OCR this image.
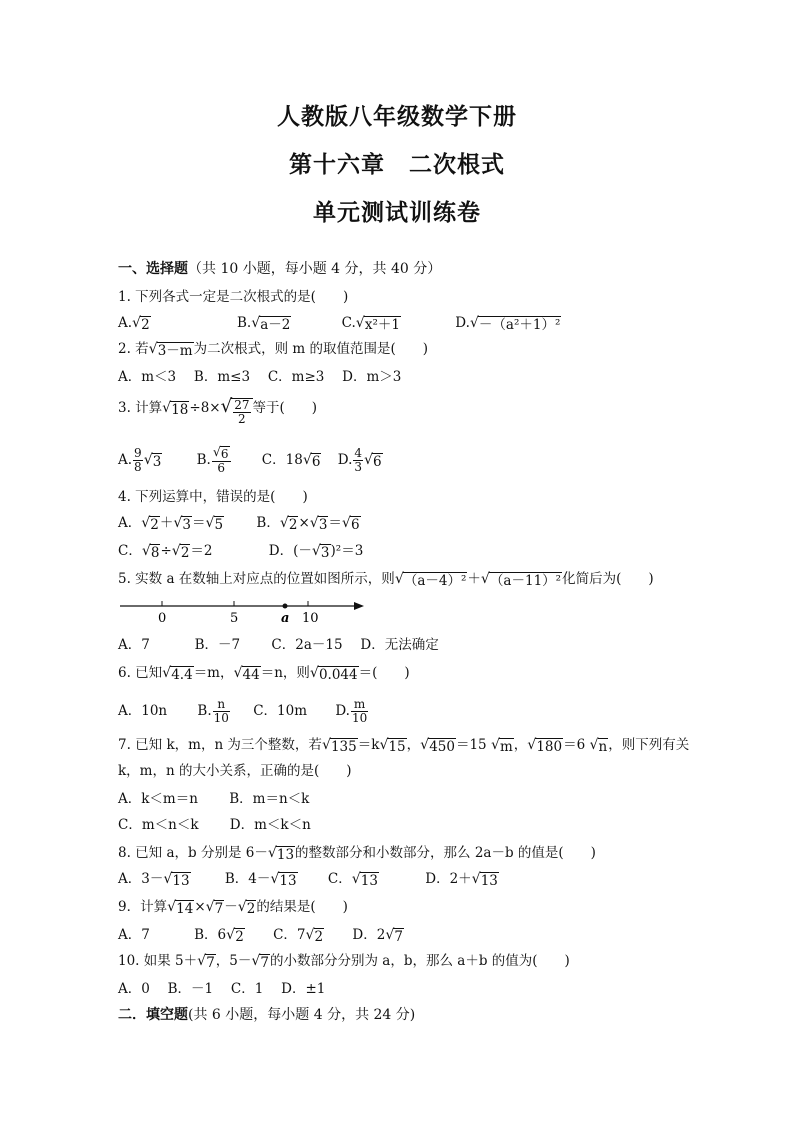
人教版八年级数学下册
第十六章　二次根式
单元测试训练卷
一、选择题（共 10 小题，每小题 4 分，共 40 分）
1. 下列各式一定是二次根式的是(　　)
A. √ 2	B. √ a－2	C. √ x²＋1	D. √ －（a²＋1）²
2. 若 √ 3－m 为二次根式，则 m 的取值范围是(　　)
A．m＜3　 B．m≤3　 C．m≥3　 D．m＞3
3. 计算 √ 18 ÷8× √ $\frac{27}{2}$ 等于(　　)
A. $\frac{9}{8}$ √ 3	B. $\frac{√ 6}{6}$ C．18 √ 6 D. $\frac{4}{3}$ √ 6
4. 下列运算中，错误的是(　　)
A． √ 2 ＋ √ 3 ＝ √ 5 B． √ 2 × √ 3 ＝ √ 6
C． √ 8 ÷ √ 2 ＝2	D．(－ √ 3 )²＝3
5. 实数 a 在数轴上对应点的位置如图所示，则 √ （a－4）² ＋ √ （a－11）² 化简后为(　　)
0	5	a 10
A．7　　　 B．－7　　 C．2a－15　 D．无法确定
6. 已知 √ 4.4 ＝m， √ 44 ＝n，则 √ 0.044 ＝(　　)
A．10n B. $\frac{n}{10}$ C．10m D. $\frac{m}{10}$
7. 已知 k，m，n 为三个整数，若 √ 135 ＝k √ 15 ， √ 450 ＝15 √ m ， √ 180 ＝6 √ n ，则下列有关
k，m，n 的大小关系，正确的是(　　)
A．k＜m＝n　　 B．m＝n＜k
C．m＜n＜k　　 D．m＜k＜n
8. 已知 a，b 分别是 6－ √ 13 的整数部分和小数部分，那么 2a－b 的值是(　　)
A．3－ √ 13	B．4－ √ 13 C． √ 13	D．2＋ √ 13
9．计算 √ 14 × √ 7 － √ 2 的结果是(　　)
A．7	B．6 √ 2 C．7 √ 2 D．2 √ 7
10. 如果 5＋ √ 7 ，5－ √ 7 的小数部分分别为 a，b，那么 a＋b 的值为(　　)
A．0　 B．－1　 C．1　 D．±1
二．填空题(共 6 小题，每小题 4 分，共 24 分)
